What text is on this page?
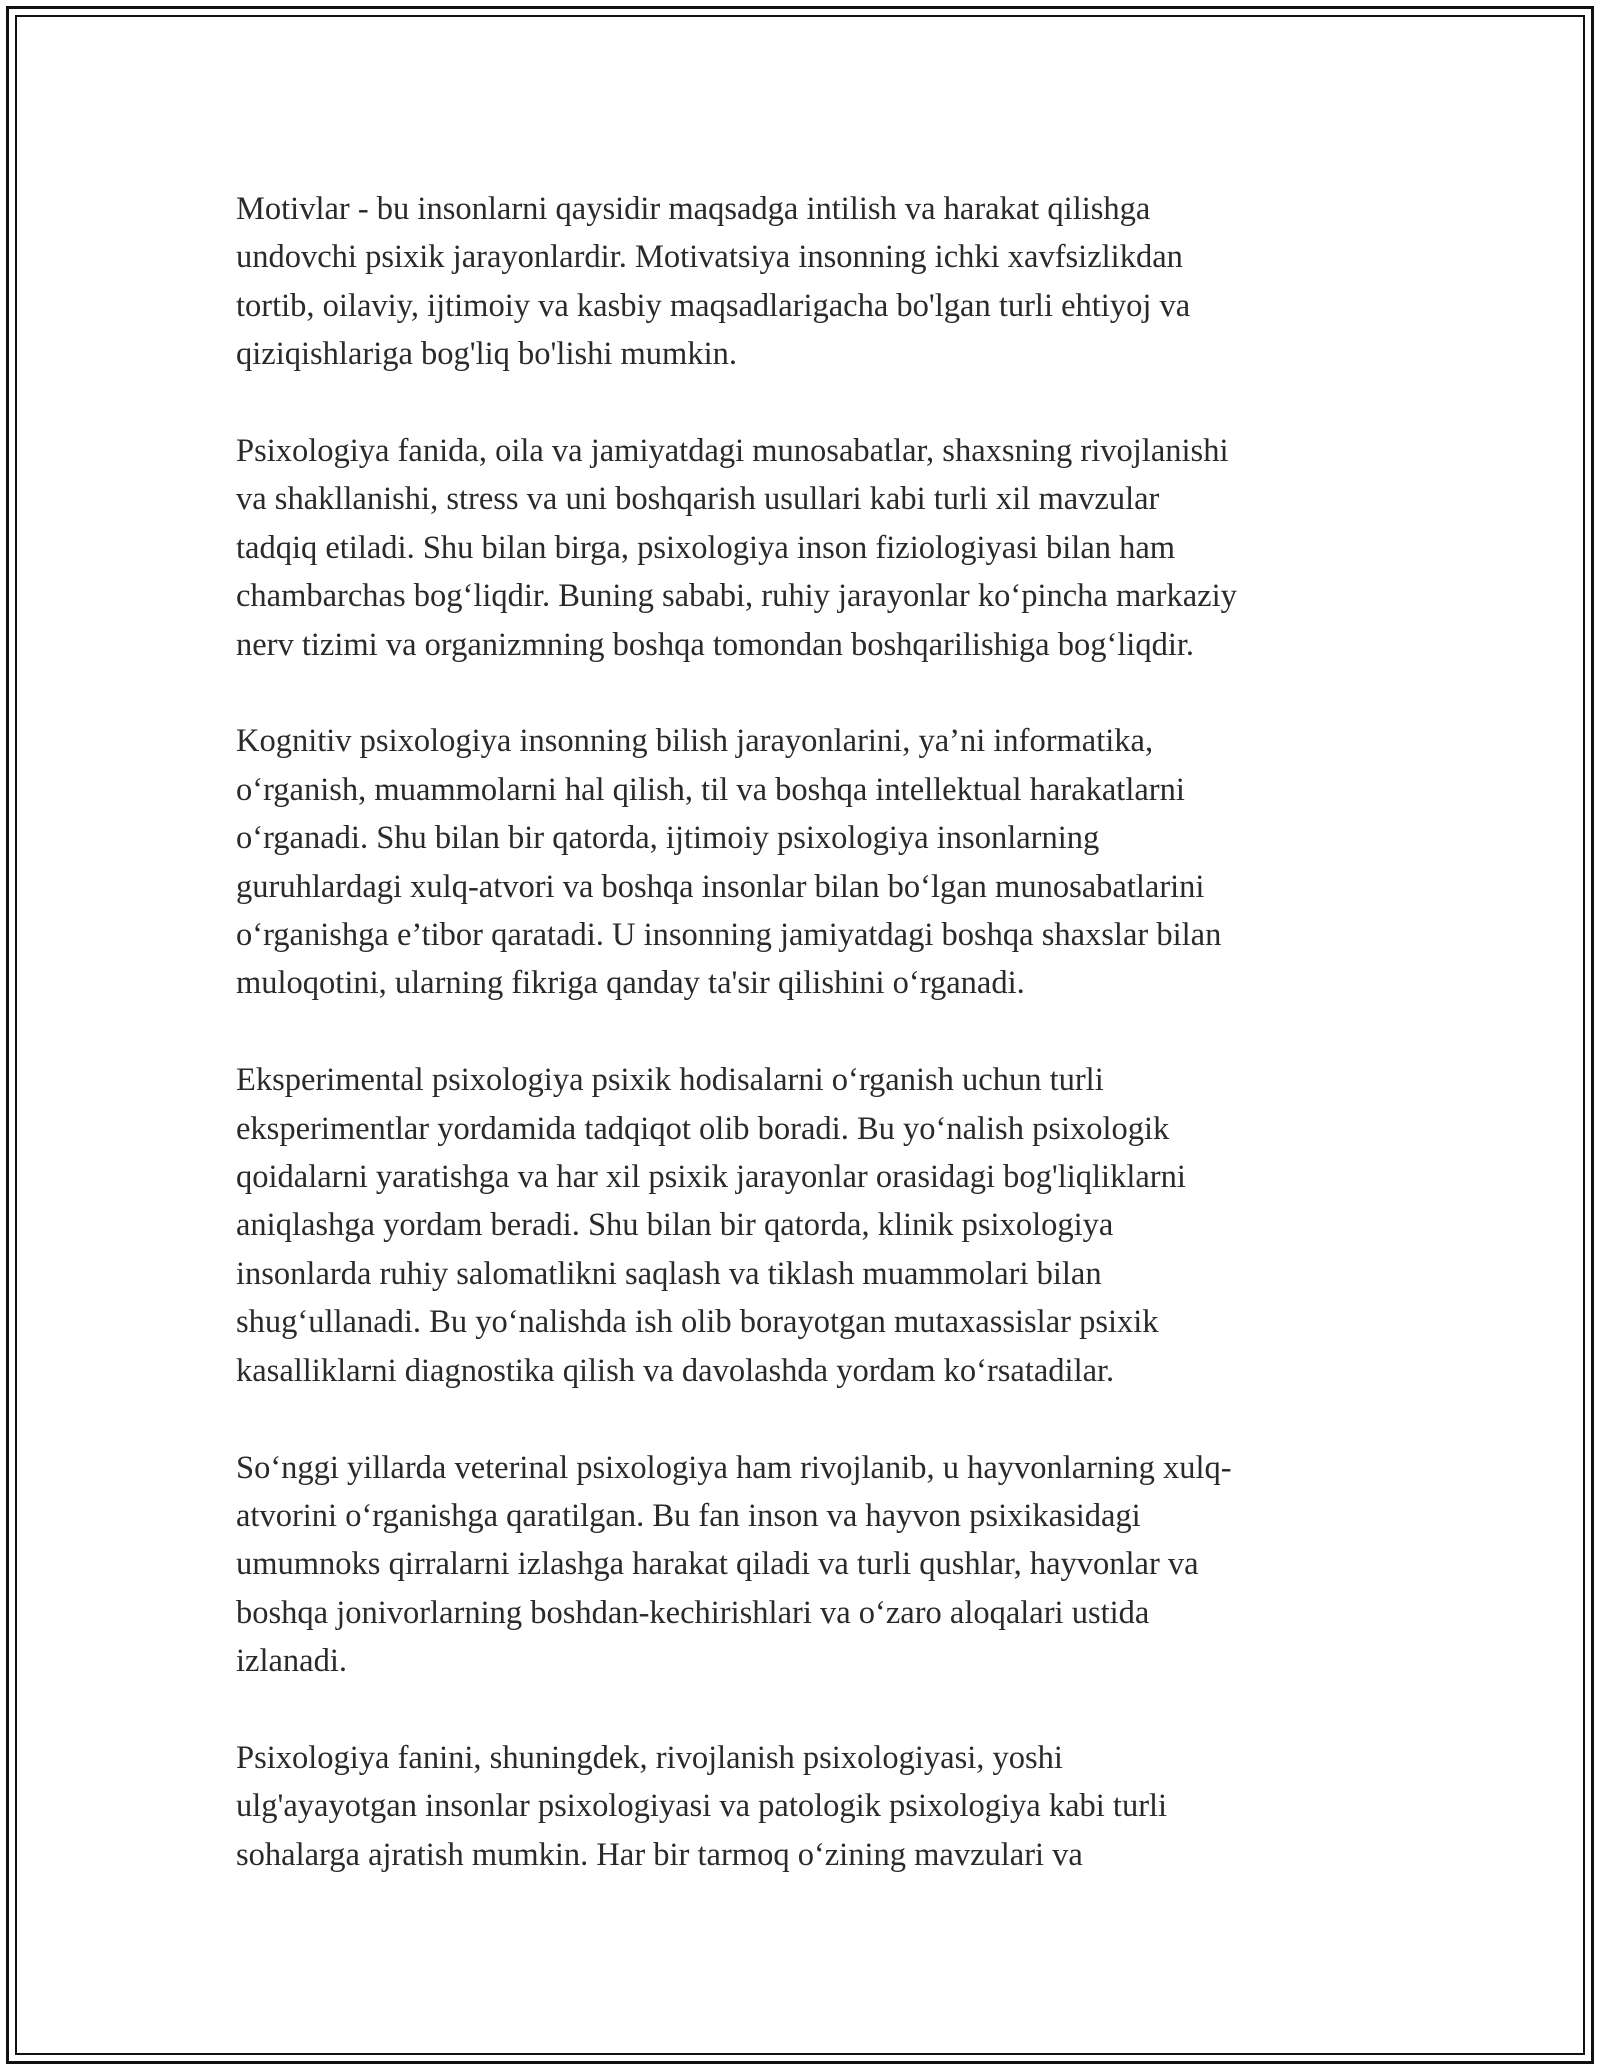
Motivlar - bu insonlarni qaysidir maqsadga intilish va harakat qilishga
undovchi psixik jarayonlardir. Motivatsiya insonning ichki xavfsizlikdan
tortib, oilaviy, ijtimoiy va kasbiy maqsadlarigacha bo'lgan turli ehtiyoj va
qiziqishlariga bog'liq bo'lishi mumkin.

Psixologiya fanida, oila va jamiyatdagi munosabatlar, shaxsning rivojlanishi
va shakllanishi, stress va uni boshqarish usullari kabi turli xil mavzular
tadqiq etiladi. Shu bilan birga, psixologiya inson fiziologiyasi bilan ham
chambarchas bog‘liqdir. Buning sababi, ruhiy jarayonlar ko‘pincha markaziy
nerv tizimi va organizmning boshqa tomondan boshqarilishiga bog‘liqdir.

Kognitiv psixologiya insonning bilish jarayonlarini, ya’ni informatika,
o‘rganish, muammolarni hal qilish, til va boshqa intellektual harakatlarni
o‘rganadi. Shu bilan bir qatorda, ijtimoiy psixologiya insonlarning
guruhlardagi xulq-atvori va boshqa insonlar bilan bo‘lgan munosabatlarini
o‘rganishga e’tibor qaratadi. U insonning jamiyatdagi boshqa shaxslar bilan
muloqotini, ularning fikriga qanday ta'sir qilishini o‘rganadi.

Eksperimental psixologiya psixik hodisalarni o‘rganish uchun turli
eksperimentlar yordamida tadqiqot olib boradi. Bu yo‘nalish psixologik
qoidalarni yaratishga va har xil psixik jarayonlar orasidagi bog'liqliklarni
aniqlashga yordam beradi. Shu bilan bir qatorda, klinik psixologiya
insonlarda ruhiy salomatlikni saqlash va tiklash muammolari bilan
shug‘ullanadi. Bu yo‘nalishda ish olib borayotgan mutaxassislar psixik
kasalliklarni diagnostika qilish va davolashda yordam ko‘rsatadilar.

So‘nggi yillarda veterinal psixologiya ham rivojlanib, u hayvonlarning xulq-
atvorini o‘rganishga qaratilgan. Bu fan inson va hayvon psixikasidagi
umumnoks qirralarni izlashga harakat qiladi va turli qushlar, hayvonlar va
boshqa jonivorlarning boshdan-kechirishlari va o‘zaro aloqalari ustida
izlanadi.

Psixologiya fanini, shuningdek, rivojlanish psixologiyasi, yoshi
ulg'ayayotgan insonlar psixologiyasi va patologik psixologiya kabi turli
sohalarga ajratish mumkin. Har bir tarmoq o‘zining mavzulari va
